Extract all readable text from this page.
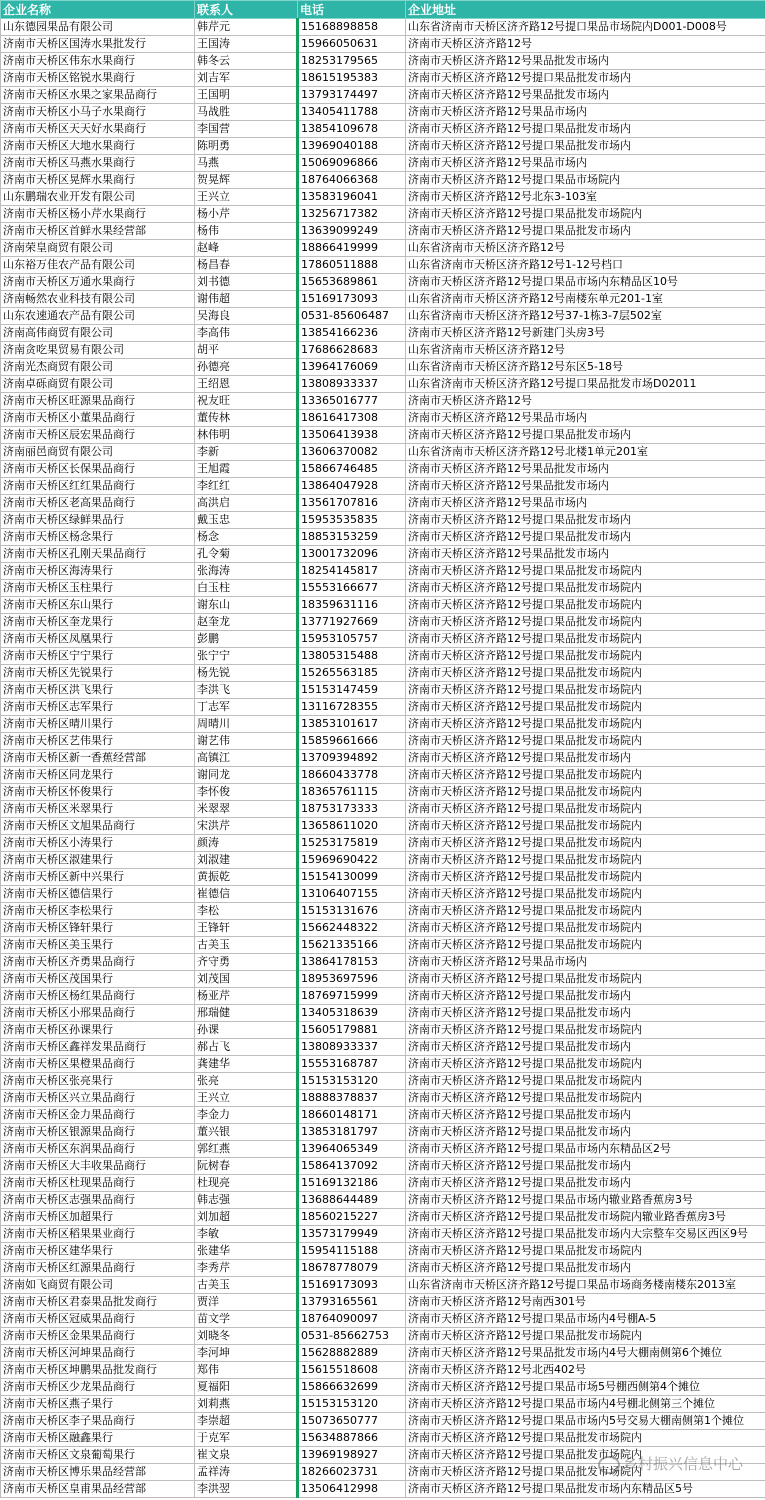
企业名称	联系人	电话	企业地址
山东德园果品有限公司	韩芹元	15168898858	山东省济南市天桥区济齐路12号提口果品市场院内D001-D008号
济南市天桥区国涛水果批发行	王国涛	15966050631	济南市天桥区济齐路12号
济南市天桥区伟东水果商行	韩冬云	18253179565	济南市天桥区济齐路12号果品批发市场内
济南市天桥区铭锐水果商行	刘吉军	18615195383	济南市天桥区济齐路12号提口果品批发市场内
济南市天桥区水果之家果品商行	王国明	13793174497	济南市天桥区济齐路12号果品批发市场内
济南市天桥区小马子水果商行	马战胜	13405411788	济南市天桥区济齐路12号果品市场内
济南市天桥区天天好水果商行	李国营	13854109678	济南市天桥区济齐路12号提口果品批发市场内
济南市天桥区大地水果商行	陈明勇	13969040188	济南市天桥区济齐路12号提口果品批发市场内
济南市天桥区马燕水果商行	马燕	15069096866	济南市天桥区济齐路12号果品市场内
济南市天桥区晃辉水果商行	贺晃辉	18764066368	济南市天桥区济齐路12号提口果品市场院内
山东鹏瑞农业开发有限公司	王兴立	13583196041	济南市天桥区济齐路12号北东3-103室
济南市天桥区杨小芹水果商行	杨小芹	13256717382	济南市天桥区济齐路12号提口果品批发市场院内
济南市天桥区首鲜水果经营部	杨伟	13639099249	济南市天桥区济齐路12号提口果品批发市场内
济南荣皇商贸有限公司	赵峰	18866419999	山东省济南市天桥区济齐路12号
山东裕万佳农产品有限公司	杨昌春	17860511888	山东省济南市天桥区济齐路12号1-12号档口
济南市天桥区万通水果商行	刘书德	15653689861	济南市天桥区济齐路12号提口果品市场内东精品区10号
济南畅然农业科技有限公司	谢伟超	15169173093	山东省济南市天桥区济齐路12号南楼东单元201-1室
山东农速通农产品有限公司	吴海良	0531-85606487	山东省济南市天桥区济齐路12号37-1栋3-7层502室
济南高伟商贸有限公司	李高伟	13854166236	济南市天桥区济齐路12号新建门头房3号
济南贪吃果贸易有限公司	胡平	17686628683	山东省济南市天桥区济齐路12号
济南光杰商贸有限公司	孙德亮	13964176069	山东省济南市天桥区济齐路12号东区5-18号
济南卓砾商贸有限公司	王绍恩	13808933337	山东省济南市天桥区济齐路12号提口果品批发市场D02011
济南市天桥区旺源果品商行	祝友旺	13365016777	济南市天桥区济齐路12号
济南市天桥区小董果品商行	董传林	18616417308	济南市天桥区济齐路12号果品市场内
济南市天桥区辰宏果品商行	林伟明	13506413938	济南市天桥区济齐路12号提口果品批发市场内
济南丽邑商贸有限公司	李新	13606370082	山东省济南市天桥区济齐路12号北楼1单元201室
济南市天桥区长保果品商行	王旭霞	15866746485	济南市天桥区济齐路12号果品批发市场内
济南市天桥区红红果品商行	李红红	13864047928	济南市天桥区济齐路12号果品批发市场内
济南市天桥区老高果品商行	高洪启	13561707816	济南市天桥区济齐路12号果品市场内
济南市天桥区绿鲜果品行	戴玉忠	15953535835	济南市天桥区济齐路12号提口果品批发市场内
济南市天桥区杨念果行	杨念	18853153259	济南市天桥区济齐路12号提口果品批发市场内
济南市天桥区孔刚天果品商行	孔令菊	13001732096	济南市天桥区济齐路12号果品批发市场内
济南市天桥区海涛果行	张海涛	18254145817	济南市天桥区济齐路12号提口果品批发市场院内
济南市天桥区玉柱果行	白玉柱	15553166677	济南市天桥区济齐路12号提口果品批发市场院内
济南市天桥区东山果行	谢东山	18359631116	济南市天桥区济齐路12号提口果品批发市场院内
济南市天桥区奎龙果行	赵奎龙	13771927669	济南市天桥区济齐路12号提口果品批发市场院内
济南市天桥区凤凰果行	彭鹏	15953105757	济南市天桥区济齐路12号提口果品批发市场院内
济南市天桥区宁宁果行	张宁宁	13805315488	济南市天桥区济齐路12号提口果品批发市场院内
济南市天桥区先锐果行	杨先锐	15265563185	济南市天桥区济齐路12号提口果品批发市场院内
济南市天桥区洪飞果行	李洪飞	15153147459	济南市天桥区济齐路12号提口果品批发市场院内
济南市天桥区志军果行	丁志军	13116728355	济南市天桥区济齐路12号提口果品批发市场院内
济南市天桥区晴川果行	周晴川	13853101617	济南市天桥区济齐路12号提口果品批发市场院内
济南市天桥区艺伟果行	谢艺伟	15859661666	济南市天桥区济齐路12号提口果品批发市场院内
济南市天桥区新一香蕉经营部	高镇江	13709394892	济南市天桥区济齐路12号提口果品批发市场内
济南市天桥区同龙果行	谢同龙	18660433778	济南市天桥区济齐路12号提口果品批发市场院内
济南市天桥区怀俊果行	李怀俊	18365761115	济南市天桥区济齐路12号提口果品批发市场院内
济南市天桥区米翠果行	米翠翠	18753173333	济南市天桥区济齐路12号提口果品批发市场院内
济南市天桥区文旭果品商行	宋洪芹	13658611020	济南市天桥区济齐路12号提口果品批发市场院内
济南市天桥区小涛果行	颜涛	15253175819	济南市天桥区济齐路12号提口果品批发市场院内
济南市天桥区淑建果行	刘淑建	15969690422	济南市天桥区济齐路12号提口果品批发市场院内
济南市天桥区新中兴果行	黄振乾	15154130099	济南市天桥区济齐路12号提口果品批发市场院内
济南市天桥区德信果行	崔德信	13106407155	济南市天桥区济齐路12号提口果品批发市场院内
济南市天桥区李松果行	李松	15153131676	济南市天桥区济齐路12号提口果品批发市场院内
济南市天桥区锋轩果行	王锋轩	15662448322	济南市天桥区济齐路12号提口果品批发市场院内
济南市天桥区美玉果行	古美玉	15621335166	济南市天桥区济齐路12号提口果品批发市场院内
济南市天桥区齐勇果品商行	齐守勇	13864178153	济南市天桥区济齐路12号果品市场内
济南市天桥区茂国果行	刘茂国	18953697596	济南市天桥区济齐路12号提口果品批发市场院内
济南市天桥区杨红果品商行	杨亚芹	18769715999	济南市天桥区济齐路12号提口果品批发市场内
济南市天桥区小邢果品商行	邢瑞健	13405318639	济南市天桥区济齐路12号提口果品批发市场内
济南市天桥区孙课果行	孙课	15605179881	济南市天桥区济齐路12号提口果品批发市场院内
济南市天桥区鑫祥发果品商行	郝占飞	13808933337	济南市天桥区济齐路12号提口果品批发市场内
济南市天桥区果橙果品商行	龚建华	15553168787	济南市天桥区济齐路12号提口果品批发市场院内
济南市天桥区张亮果行	张亮	15153153120	济南市天桥区济齐路12号提口果品批发市场院内
济南市天桥区兴立果品商行	王兴立	18888378837	济南市天桥区济齐路12号提口果品批发市场院内
济南市天桥区金力果品商行	李金力	18660148171	济南市天桥区济齐路12号提口果品批发市场内
济南市天桥区银源果品商行	董兴银	13853181797	济南市天桥区济齐路12号提口果品批发市场内
济南市天桥区东润果品商行	郭红燕	13964065349	济南市天桥区济齐路12号提口果品市场内东精品区2号
济南市天桥区大丰收果品商行	阮树春	15864137092	济南市天桥区济齐路12号提口果品批发市场内
济南市天桥区杜现果品商行	杜现亮	15169132186	济南市天桥区济齐路12号提口果品批发市场内
济南市天桥区志强果品商行	韩志强	13688644489	济南市天桥区济齐路12号提口果品市场内辙业路香蕉房3号
济南市天桥区加超果行	刘加超	18560215227	济南市天桥区济齐路12号提口果品批发市场院内辙业路香蕉房3号
济南市天桥区稻果果业商行	李敏	13573179949	济南市天桥区济齐路12号提口果品批发市场内大宗整车交易区西区9号
济南市天桥区建华果行	张建华	15954115188	济南市天桥区济齐路12号提口果品批发市场院内
济南市天桥区红源果品商行	李秀芹	18678778079	济南市天桥区济齐路12号提口果品批发市场内
济南如飞商贸有限公司	古美玉	15169173093	山东省济南市天桥区济齐路12号提口果品市场商务楼南楼东2013室
济南市天桥区君泰果品批发商行	贾洋	13793165561	济南市天桥区济齐路12号南西301号
济南市天桥区冠威果品商行	苗文学	18764090097	济南市天桥区济齐路12号提口果品市场内4号棚A-5
济南市天桥区金果果品商行	刘晓冬	0531-85662753	济南市天桥区济齐路12号提口果品批发市场院内
济南市天桥区河坤果品商行	李河坤	15628882889	济南市天桥区济齐路12号果品批发市场内4号大棚南侧第6个摊位
济南市天桥区坤鹏果品批发商行	郑伟	15615518608	济南市天桥区济齐路12号北西402号
济南市天桥区少龙果品商行	夏福阳	15866632699	济南市天桥区济齐路12号提口果品市场5号棚西侧第4个摊位
济南市天桥区燕子果行	刘莉燕	15153153120	济南市天桥区济齐路12号提口果品市场内4号棚北侧第三个摊位
济南市天桥区李子果品商行	李崇超	15073650777	济南市天桥区济齐路12号提口果品市场内5号交易大棚南侧第1个摊位
济南市天桥区融鑫果行	于克军	15634887866	济南市天桥区济齐路12号提口果品批发市场院内
济南市天桥区文泉葡萄果行	崔文泉	13969198927	济南市天桥区济齐路12号提口果品批发市场院内
济南市天桥区博乐果品经营部	孟祥涛	18266023731	济南市天桥区济齐路12号提口果品批发市场院内
济南市天桥区皇甫果品经营部	李洪翌	13506412998	济南市天桥区济齐路12号提口果品批发市场内东精品区5号
乡村振兴信息中心
